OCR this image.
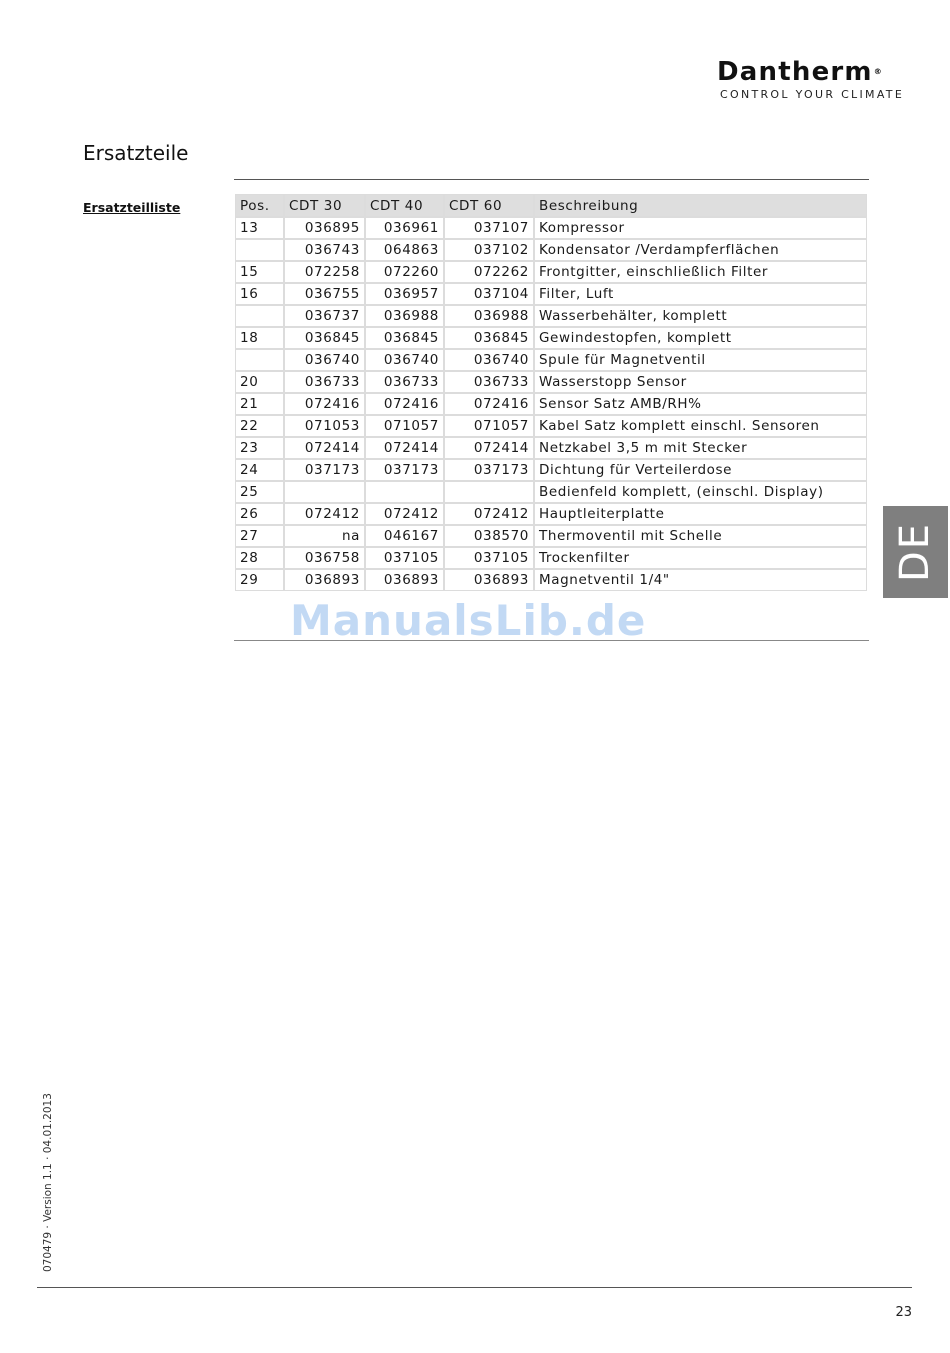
Dantherm®
CONTROL YOUR CLIMATE
Ersatzteile
Ersatzteilliste	Pos.	CDT 30	CDT 40	CDT 60	Beschreibung
13	036895	036961	037107	Kompressor
	036743	064863	037102	Kondensator /Verdampferflächen
15	072258	072260	072262	Frontgitter, einschließlich Filter
16	036755	036957	037104	Filter, Luft
	036737	036988	036988	Wasserbehälter, komplett
18	036845	036845	036845	Gewindestopfen, komplett
	036740	036740	036740	Spule für Magnetventil
20	036733	036733	036733	Wasserstopp Sensor
21	072416	072416	072416	Sensor Satz AMB/RH%
22	071053	071057	071057	Kabel Satz komplett einschl. Sensoren
23	072414	072414	072414	Netzkabel 3,5 m mit Stecker
24	037173	037173	037173	Dichtung für Verteilerdose
25				Bedienfeld komplett, (einschl. Display)
26	072412	072412	072412	Hauptleiterplatte
27	na	046167	038570	Thermoventil mit Schelle
28	036758	037105	037105	Trockenfilter
29	036893	036893	036893	Magnetventil 1/4"
ManualsLib.de
DE
070479 · Version 1.1 · 04.01.2013
23
